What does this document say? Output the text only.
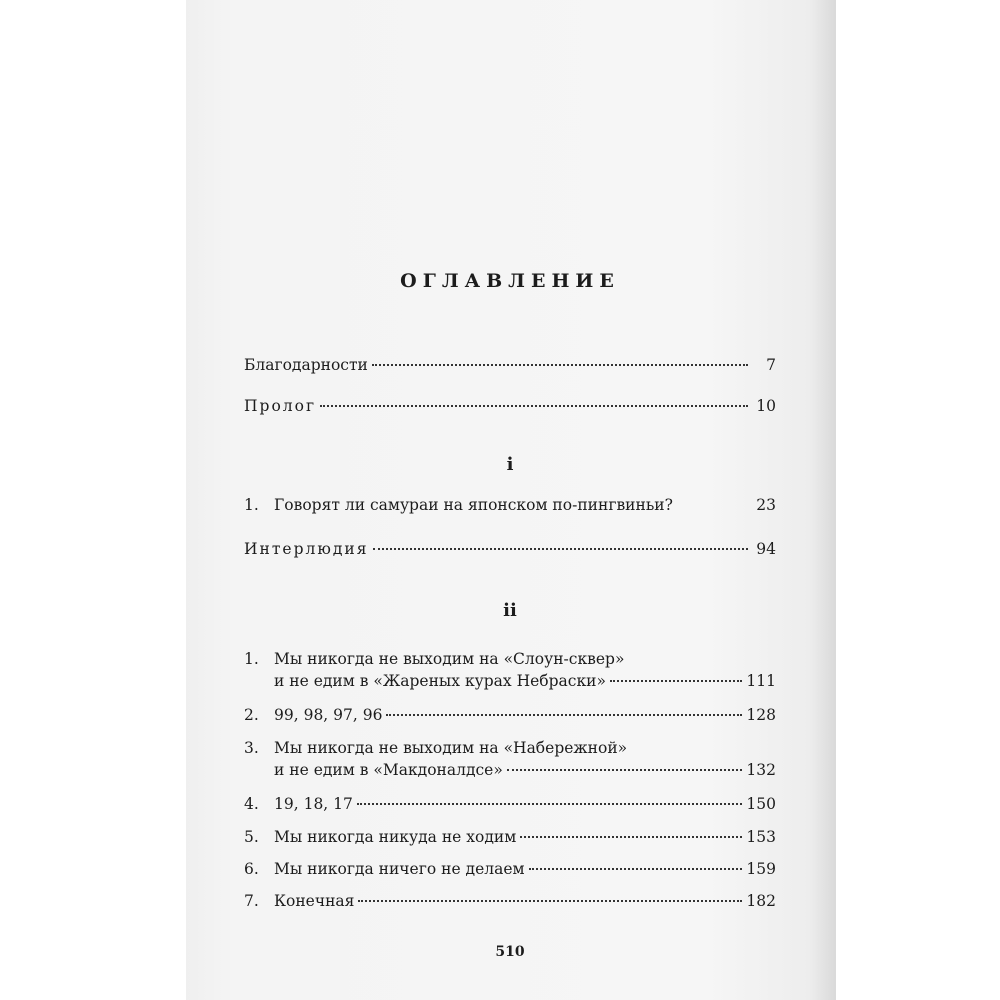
ОГЛАВЛЕНИЕ
Благодарности	7
Пролог	10
i
1. Говорят ли самураи на японском по-пингвиньи?	23
Интерлюдия	94
ii
1. Мы никогда не выходим на «Слоун-сквер»
и не едим в «Жареных курах Небраски»	111
2. 99, 98, 97, 96	128
3. Мы никогда не выходим на «Набережной»
и не едим в «Макдоналдсе»	132
4. 19, 18, 17	150
5. Мы никогда никуда не ходим	153
6. Мы никогда ничего не делаем	159
7. Конечная	182
510
